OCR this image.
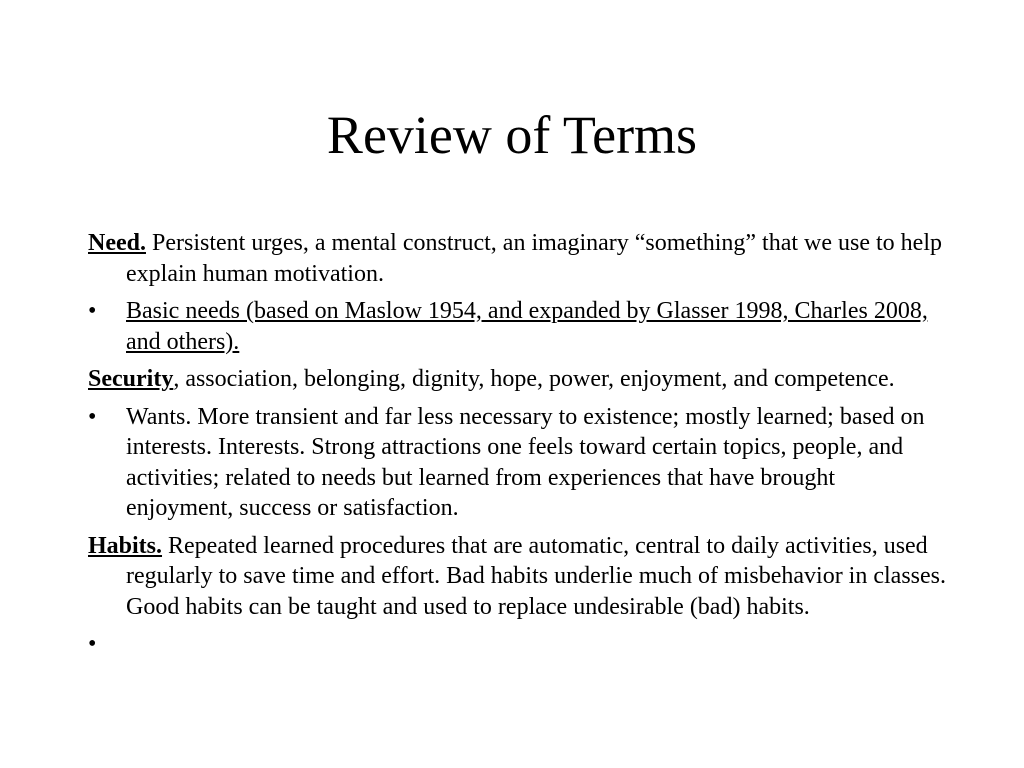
Review of Terms

Need. Persistent urges, a mental construct, an imaginary “something” that we use to help explain human motivation.

•	Basic needs (based on Maslow 1954, and expanded by Glasser 1998, Charles 2008, and others).

Security, association, belonging, dignity, hope, power, enjoyment, and competence.

•	Wants. More transient and far less necessary to existence; mostly learned; based on interests. Interests. Strong attractions one feels toward certain topics, people, and activities; related to needs but learned from experiences that have brought enjoyment, success or satisfaction.

Habits. Repeated learned procedures that are automatic, central to daily activities, used regularly to save time and effort. Bad habits underlie much of misbehavior in classes. Good habits can be taught and used to replace undesirable (bad) habits.

•
